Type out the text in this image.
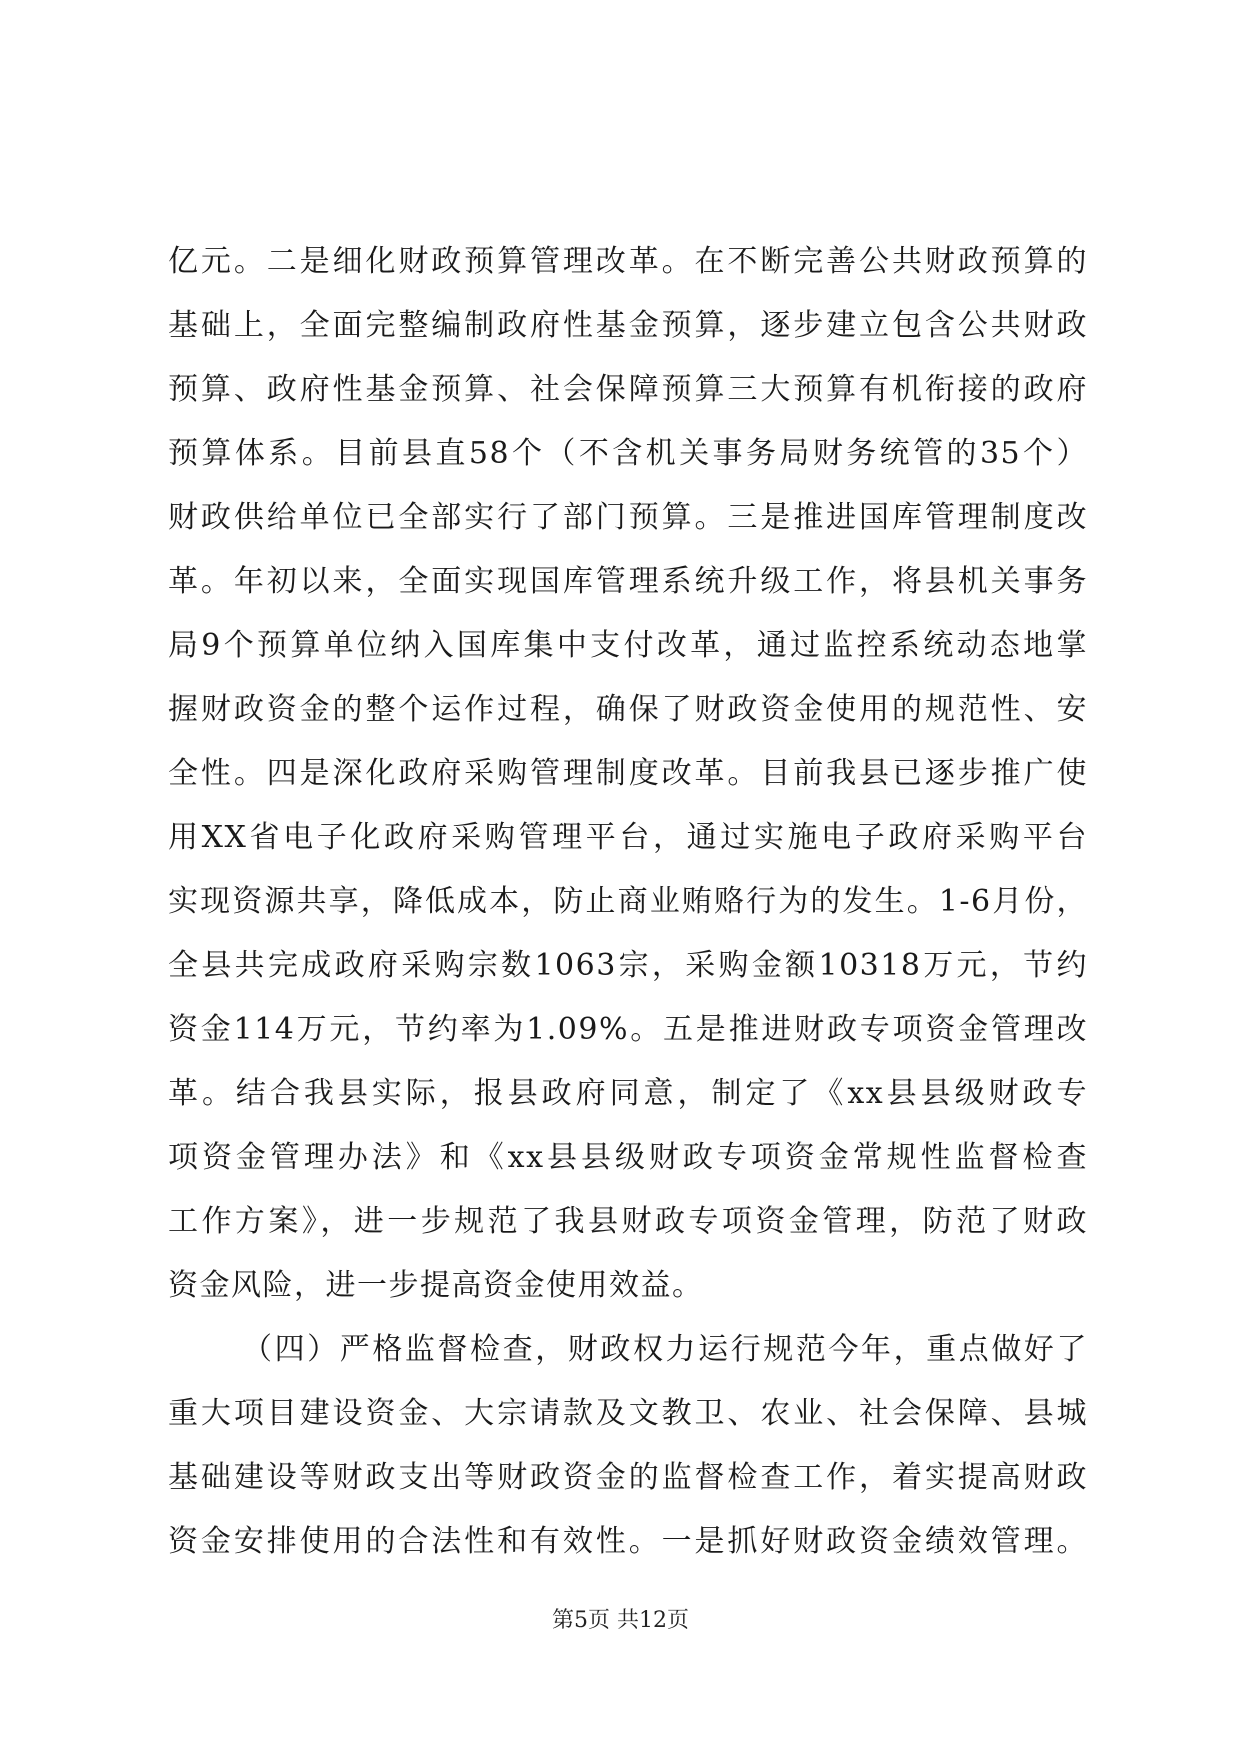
亿元。二是细化财政预算管理改革。在不断完善公共财政预算的
基础上，全面完整编制政府性基金预算，逐步建立包含公共财政
预算、政府性基金预算、社会保障预算三大预算有机衔接的政府
预算体系。目前县直58个（不含机关事务局财务统管的35个）
财政供给单位已全部实行了部门预算。三是推进国库管理制度改
革。年初以来，全面实现国库管理系统升级工作，将县机关事务
局9个预算单位纳入国库集中支付改革，通过监控系统动态地掌
握财政资金的整个运作过程，确保了财政资金使用的规范性、安
全性。四是深化政府采购管理制度改革。目前我县已逐步推广使
用XX省电子化政府采购管理平台，通过实施电子政府采购平台
实现资源共享，降低成本，防止商业贿赂行为的发生。1-6月份，
全县共完成政府采购宗数1063宗，采购金额10318万元，节约
资金114万元，节约率为1.09%。五是推进财政专项资金管理改
革。结合我县实际，报县政府同意，制定了《xx县县级财政专
项资金管理办法》和《xx县县级财政专项资金常规性监督检查
工作方案》，进一步规范了我县财政专项资金管理，防范了财政
资金风险，进一步提高资金使用效益。
（四）严格监督检查，财政权力运行规范今年，重点做好了
重大项目建设资金、大宗请款及文教卫、农业、社会保障、县城
基础建设等财政支出等财政资金的监督检查工作，着实提高财政
资金安排使用的合法性和有效性。一是抓好财政资金绩效管理。
第5页 共12页
